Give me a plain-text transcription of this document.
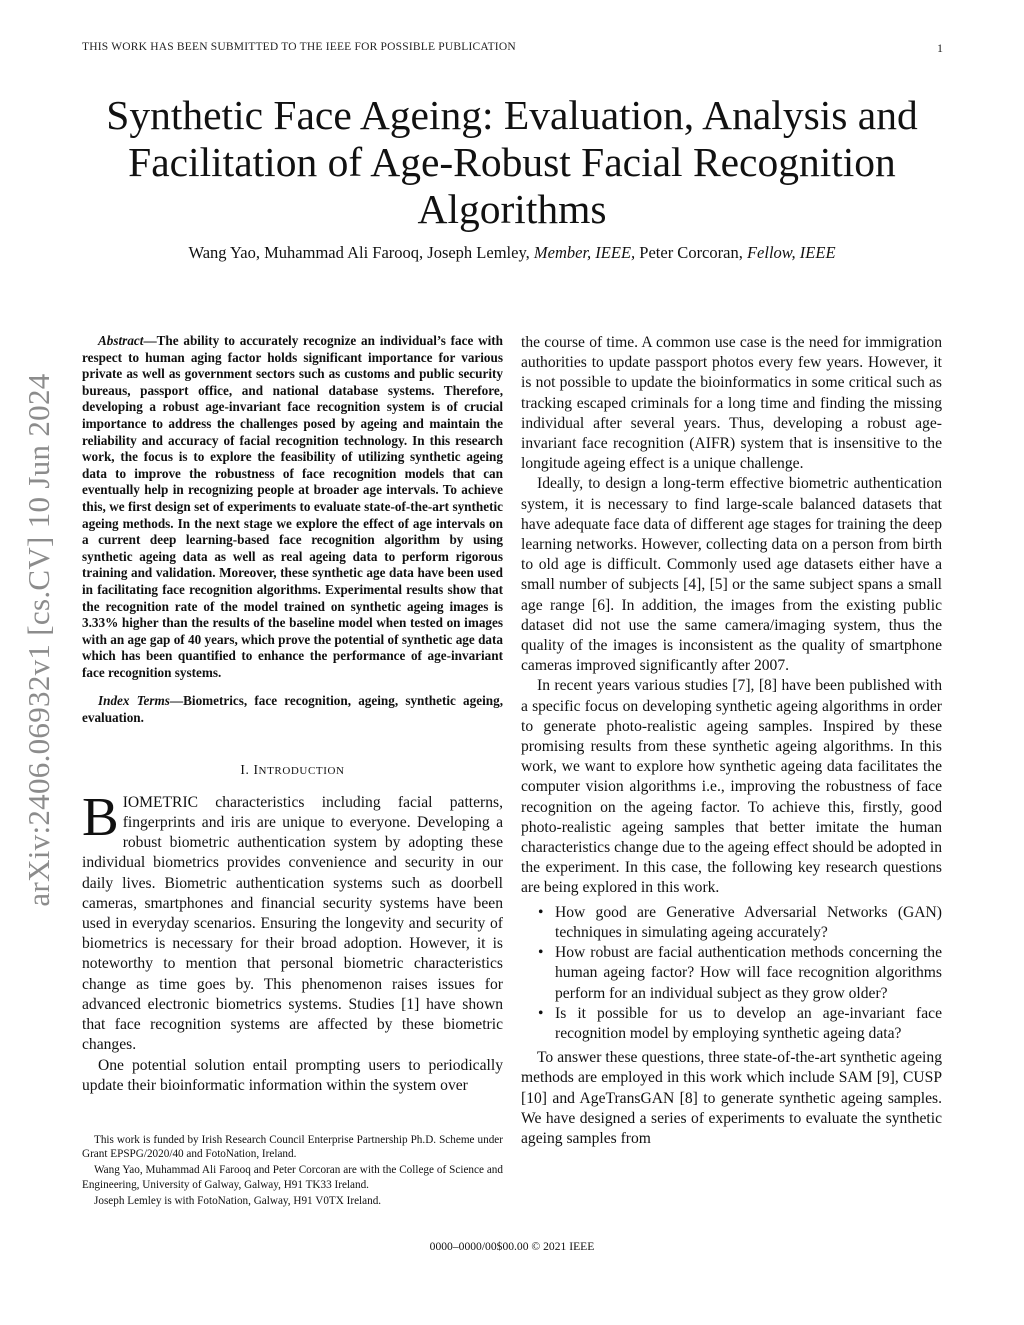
THIS WORK HAS BEEN SUBMITTED TO THE IEEE FOR POSSIBLE PUBLICATION	1
arXiv:2406.06932v1 [cs.CV] 10 Jun 2024
Synthetic Face Ageing: Evaluation, Analysis and Facilitation of Age-Robust Facial Recognition Algorithms
Wang Yao, Muhammad Ali Farooq, Joseph Lemley, Member, IEEE, Peter Corcoran, Fellow, IEEE

Abstract—The ability to accurately recognize an individual’s face with respect to human aging factor holds significant importance for various private as well as government sectors such as customs and public security bureaus, passport office, and national database systems. Therefore, developing a robust age-invariant face recognition system is of crucial importance to address the challenges posed by ageing and maintain the reliability and accuracy of facial recognition technology. In this research work, the focus is to explore the feasibility of utilizing synthetic ageing data to improve the robustness of face recognition models that can eventually help in recognizing people at broader age intervals. To achieve this, we first design set of experiments to evaluate state-of-the-art synthetic ageing methods. In the next stage we explore the effect of age intervals on a current deep learning-based face recognition algorithm by using synthetic ageing data as well as real ageing data to perform rigorous training and validation. Moreover, these synthetic age data have been used in facilitating face recognition algorithms. Experimental results show that the recognition rate of the model trained on synthetic ageing images is 3.33% higher than the results of the baseline model when tested on images with an age gap of 40 years, which prove the potential of synthetic age data which has been quantified to enhance the performance of age-invariant face recognition systems.

Index Terms—Biometrics, face recognition, ageing, synthetic ageing, evaluation.

I. INTRODUCTION

BIOMETRIC characteristics including facial patterns, fingerprints and iris are unique to everyone. Developing a robust biometric authentication system by adopting these individual biometrics provides convenience and security in our daily lives. Biometric authentication systems such as doorbell cameras, smartphones and financial security systems have been used in everyday scenarios. Ensuring the longevity and security of biometrics is necessary for their broad adoption. However, it is noteworthy to mention that personal biometric characteristics change as time goes by. This phenomenon raises issues for advanced electronic biometrics systems. Studies [1] have shown that face recognition systems are affected by these biometric changes.

One potential solution entail prompting users to periodically update their bioinformatic information within the system over

This work is funded by Irish Research Council Enterprise Partnership Ph.D. Scheme under Grant EPSPG/2020/40 and FotoNation, Ireland.

Wang Yao, Muhammad Ali Farooq and Peter Corcoran are with the College of Science and Engineering, University of Galway, Galway, H91 TK33 Ireland.

Joseph Lemley is with FotoNation, Galway, H91 V0TX Ireland.

the course of time. A common use case is the need for immigration authorities to update passport photos every few years. However, it is not possible to update the bioinformatics in some critical such as tracking escaped criminals for a long time and finding the missing individual after several years. Thus, developing a robust age-invariant face recognition (AIFR) system that is insensitive to the longitude ageing effect is a unique challenge.

Ideally, to design a long-term effective biometric authentication system, it is necessary to find large-scale balanced datasets that have adequate face data of different age stages for training the deep learning networks. However, collecting data on a person from birth to old age is difficult. Commonly used age datasets either have a small number of subjects [4], [5] or the same subject spans a small age range [6]. In addition, the images from the existing public dataset did not use the same camera/imaging system, thus the quality of the images is inconsistent as the quality of smartphone cameras improved significantly after 2007.

In recent years various studies [7], [8] have been published with a specific focus on developing synthetic ageing algorithms in order to generate photo-realistic ageing samples. Inspired by these promising results from these synthetic ageing algorithms. In this work, we want to explore how synthetic ageing data facilitates the computer vision algorithms i.e., improving the robustness of face recognition on the ageing factor. To achieve this, firstly, good photo-realistic ageing samples that better imitate the human characteristics change due to the ageing effect should be adopted in the experiment. In this case, the following key research questions are being explored in this work.

• How good are Generative Adversarial Networks (GAN) techniques in simulating ageing accurately?
• How robust are facial authentication methods concerning the human ageing factor? How will face recognition algorithms perform for an individual subject as they grow older?
• Is it possible for us to develop an age-invariant face recognition model by employing synthetic ageing data?

To answer these questions, three state-of-the-art synthetic ageing methods are employed in this work which include SAM [9], CUSP [10] and AgeTransGAN [8] to generate synthetic ageing samples. We have designed a series of experiments to evaluate the synthetic ageing samples from

0000–0000/00$00.00 © 2021 IEEE
